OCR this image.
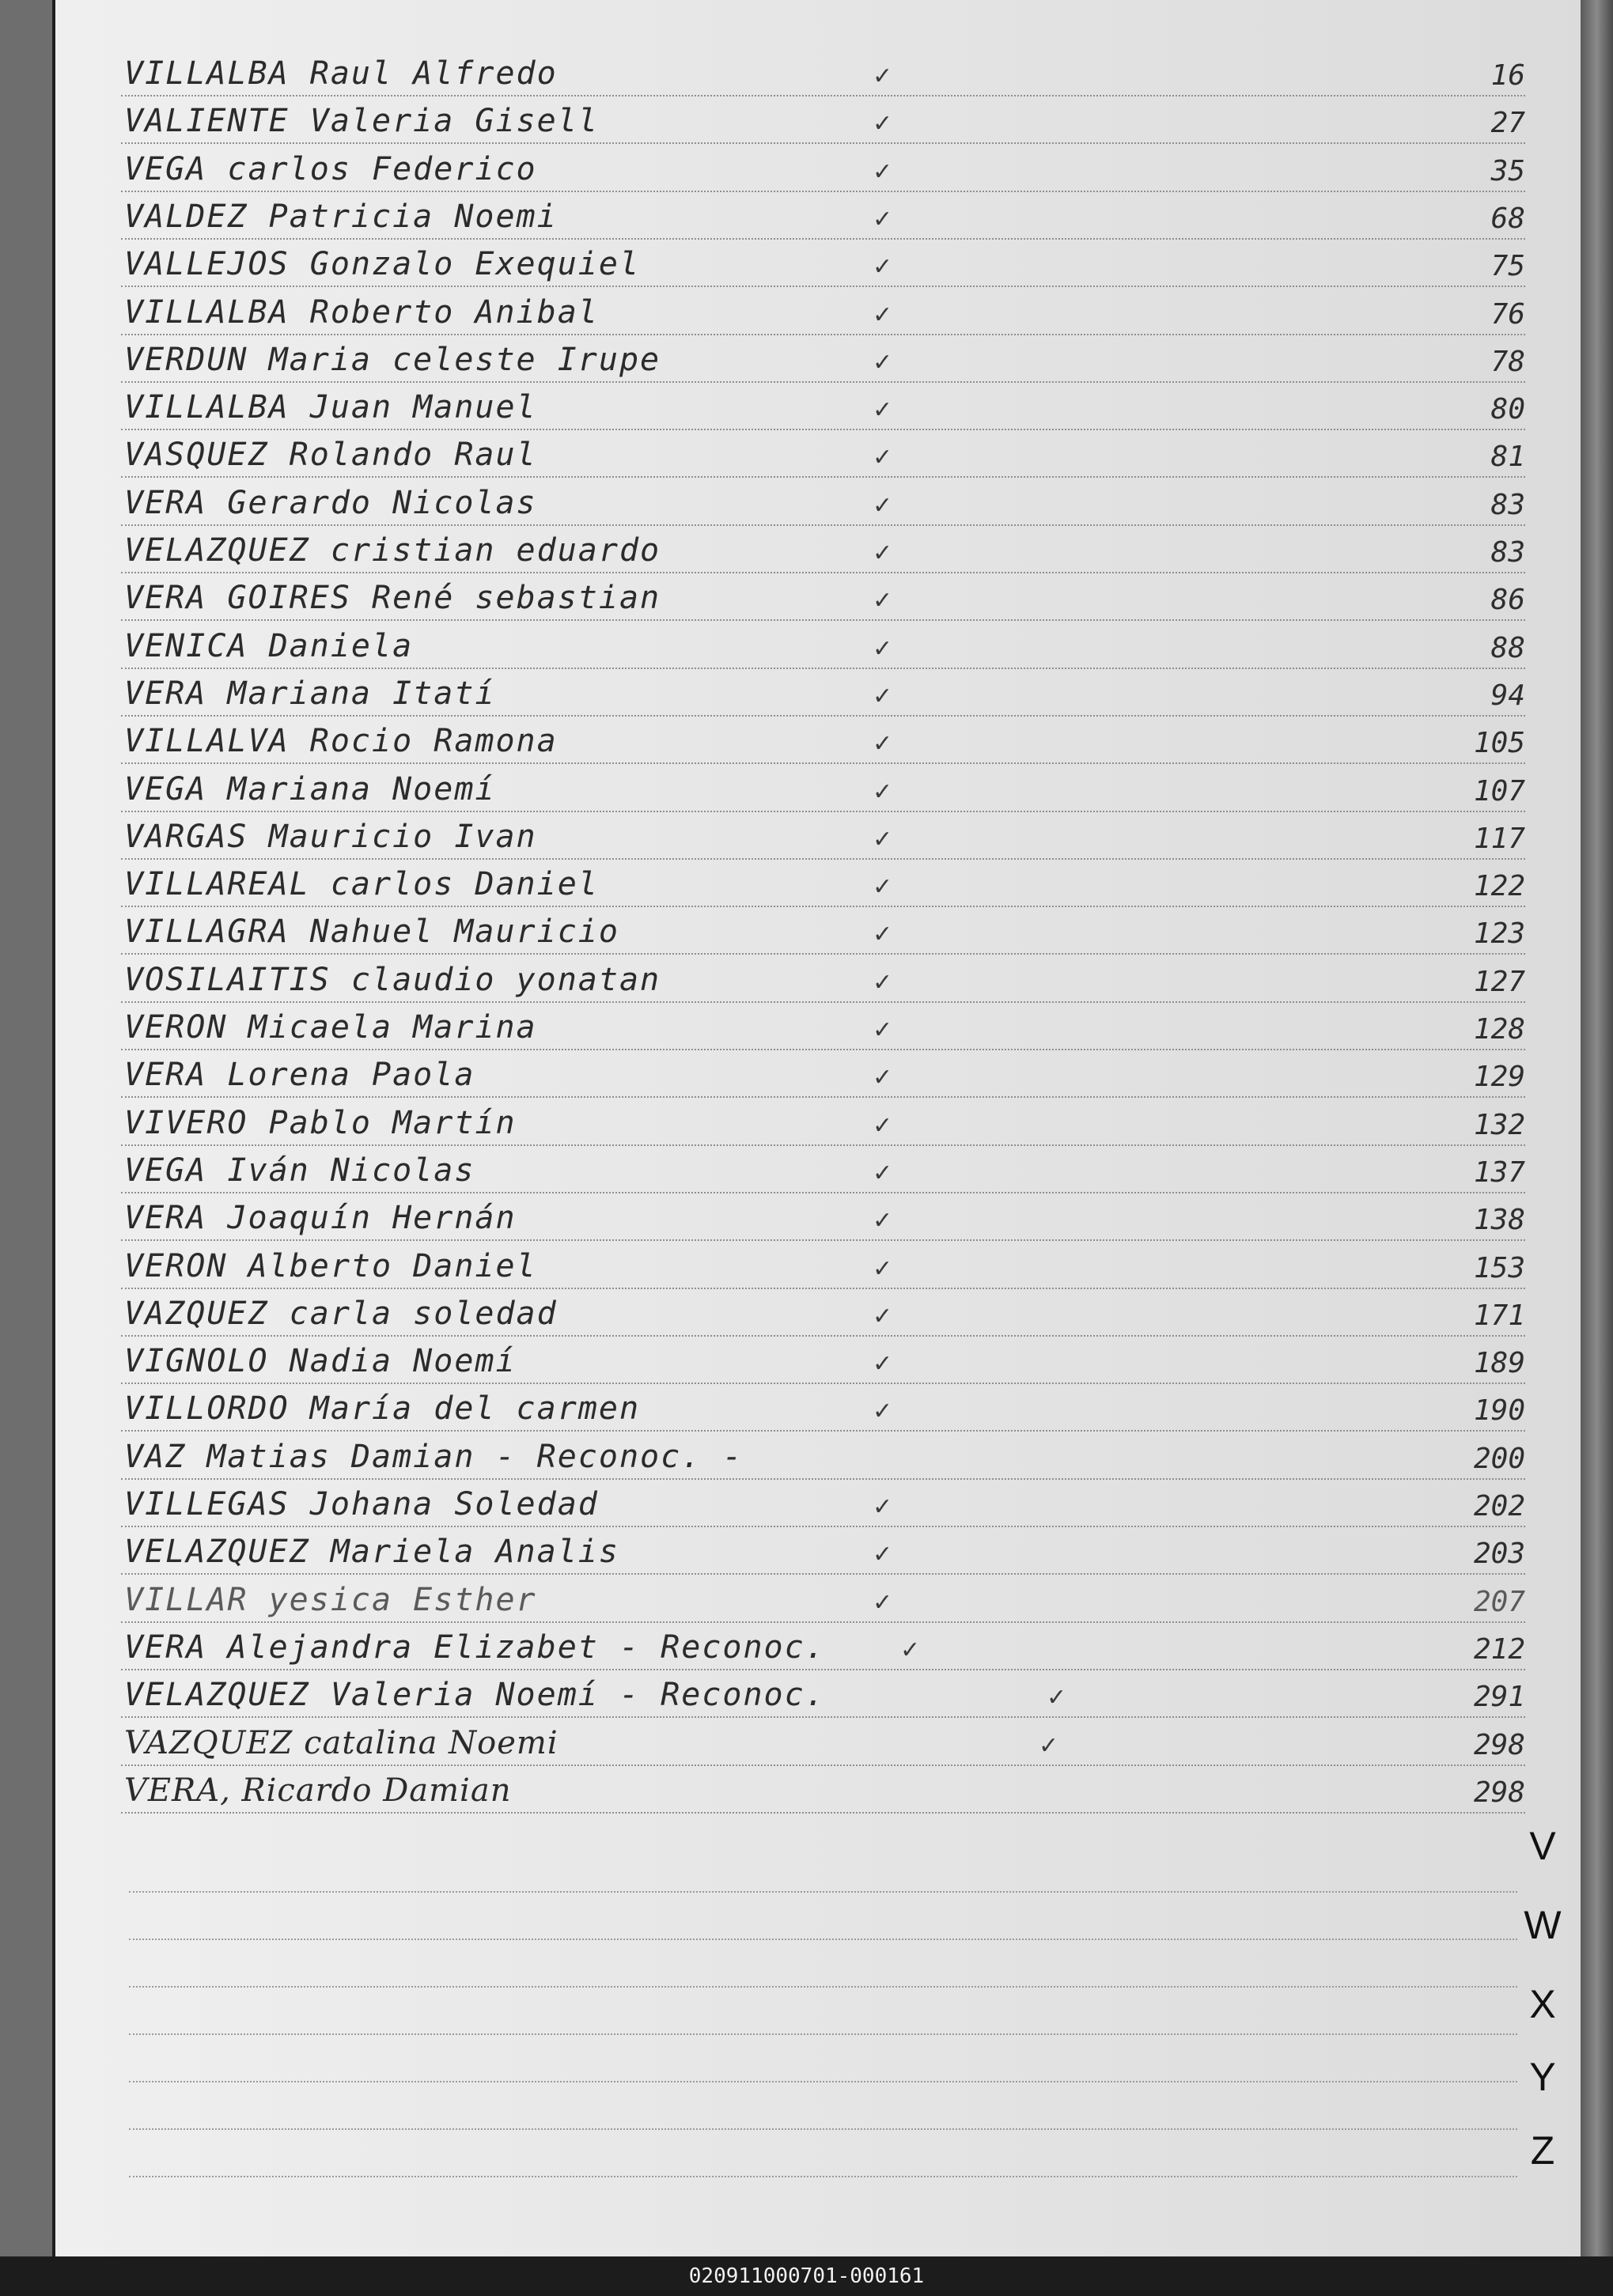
VILLALBA Raul Alfredo	✓	16
VALIENTE Valeria Gisell	✓	27
VEGA carlos Federico	✓	35
VALDEZ Patricia Noemi	✓	68
VALLEJOS Gonzalo Exequiel	✓	75
VILLALBA Roberto Anibal	✓	76
VERDUN Maria celeste Irupe	✓	78
VILLALBA Juan Manuel	✓	80
VASQUEZ Rolando Raul	✓	81
VERA Gerardo Nicolas	✓	83
VELAZQUEZ cristian eduardo	✓	83
VERA GOIRES René sebastian	✓	86
VENICA Daniela	✓	88
VERA Mariana Itatí	✓	94
VILLALVA Rocio Ramona	✓	105
VEGA Mariana Noemí	✓	107
VARGAS Mauricio Ivan	✓	117
VILLAREAL carlos Daniel	✓	122
VILLAGRA Nahuel Mauricio	✓	123
VOSILAITIS claudio yonatan	✓	127
VERON Micaela Marina	✓	128
VERA Lorena Paola	✓	129
VIVERO Pablo Martín	✓	132
VEGA Iván Nicolas	✓	137
VERA Joaquín Hernán	✓	138
VERON Alberto Daniel	✓	153
VAZQUEZ carla soledad	✓	171
VIGNOLO Nadia Noemí	✓	189
VILLORDO María del carmen	✓	190
VAZ Matias Damian - Reconoc. -	200
VILLEGAS Johana Soledad	✓	202
VELAZQUEZ Mariela Analis	✓	203
VILLAR yesica Esther	✓	207
VERA Alejandra Elizabet - Reconoc.	✓	212
VELAZQUEZ Valeria Noemí - Reconoc.	✓	291
VAZQUEZ catalina Noemi	✓	298
VERA, Ricardo Damian	298
V
W
X
Y
Z
020911000701-000161
